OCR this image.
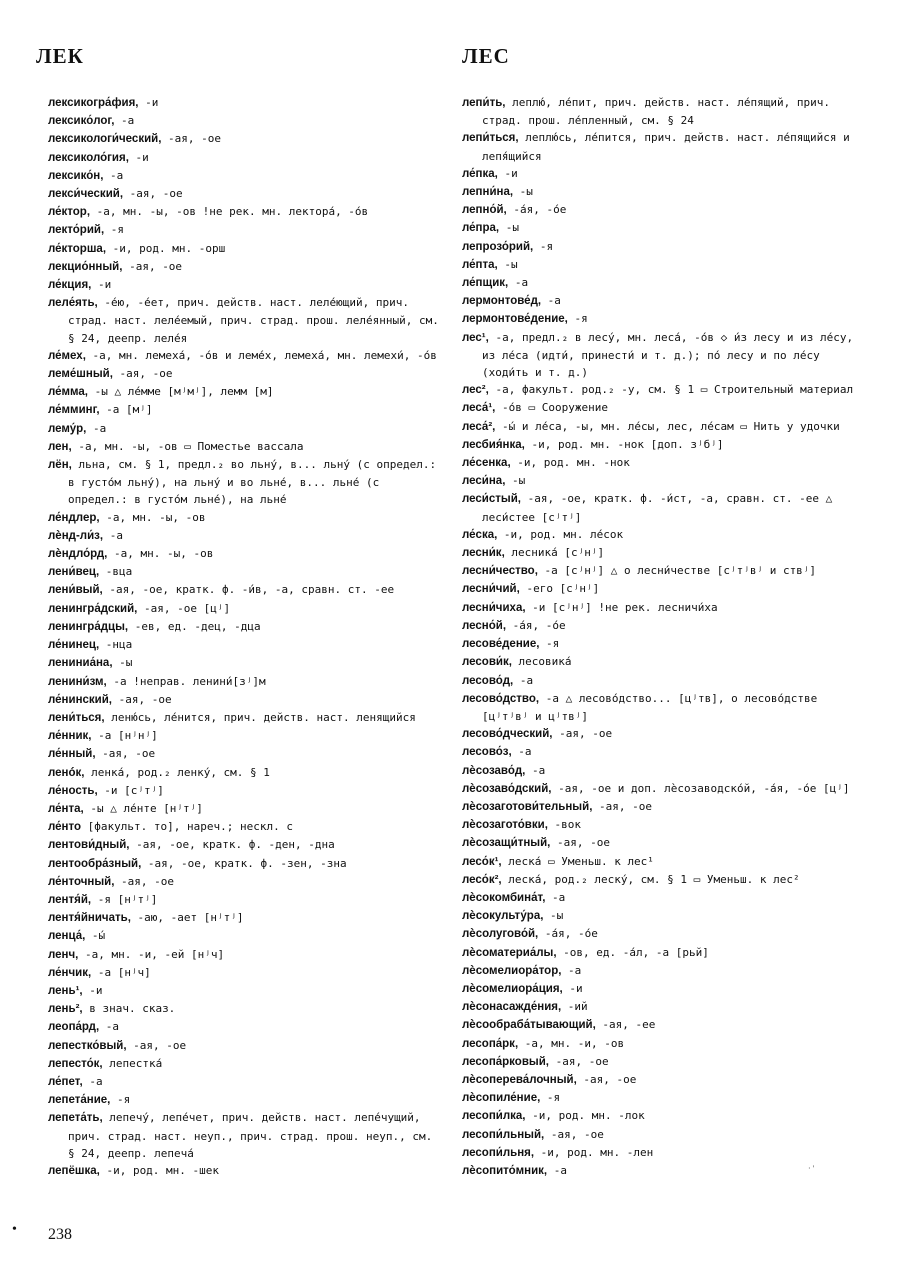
ЛЕК	ЛЕС

лексикогра́фия, -и

лексико́лог, -а

лексикологи́ческий, -ая, -ое

лексиколо́гия, -и

лексико́н, -а

лекси́ческий, -ая, -ое

ле́ктор, -а, мн. -ы, -ов !не рек. мн. лектора́, -о́в

лекто́рий, -я

ле́кторша, -и, род. мн. -орш

лекцио́нный, -ая, -ое

ле́кция, -и

леле́ять, -е́ю, -е́ет, прич. действ. наст. леле́ющий, прич. страд. наст. леле́емый, прич. страд. прош. леле́янный, см. § 24, деепр. леле́я

ле́мех, -а, мн. лемеха́, -о́в и леме́х, лемеха́, мн. лемехи́, -о́в

леме́шный, -ая, -ое

ле́мма, -ы △ ле́мме [мʲмʲ], лемм [м]

ле́мминг, -а [мʲ]

лему́р, -а

лен, -а, мн. -ы, -ов ▭ Поместье вассала

лён, льна, см. § 1, предл.₂ во льну́, в... льну́ (с определ.: в густо́м льну́), на льну́ и во льне́, в... льне́ (с определ.: в густо́м льне́), на льне́

ле́ндлер, -а, мн. -ы, -ов

лѐнд-ли́з, -а

лѐндло́рд, -а, мн. -ы, -ов

лени́вец, -вца

лени́вый, -ая, -ое, кратк. ф. -и́в, -а, сравн. ст. -ее

ленингра́дский, -ая, -ое [цʲ]

ленингра́дцы, -ев, ед. -дец, -дца

ле́нинец, -нца

лениниа́на, -ы

ленини́зм, -а !неправ. ленини́[зʲ]м

ле́нинский, -ая, -ое

лени́ться, леню́сь, ле́нится, прич. действ. наст. ленящийся

ле́нник, -а [нʲнʲ]

ле́нный, -ая, -ое

ленóк, ленка́, род.₂ ленку́, см. § 1

ле́ность, -и [сʲтʲ]

ле́нта, -ы △ ле́нте [нʲтʲ]

ле́нто [факульт. то], нареч.; нескл. с

лентови́дный, -ая, -ое, кратк. ф. -ден, -дна

лентообра́зный, -ая, -ое, кратк. ф. -зен, -зна

ле́нточный, -ая, -ое

лентя́й, -я [нʲтʲ]

лентя́йничать, -аю, -ает [нʲтʲ]

ленца́, -ы́

ленч, -а, мн. -и, -ей [нʲч]

ле́нчик, -а [нʲч]

лень¹, -и

лень², в знач. сказ.

леопа́рд, -а

лепестко́вый, -ая, -ое

лепесто́к, лепестка́

ле́пет, -а

лепета́ние, -я

лепета́ть, лепечу́, лепе́чет, прич. действ. наст. лепе́чущий, прич. страд. наст. неуп., прич. страд. прош. неуп., см. § 24, деепр. лепеча́

лепёшка, -и, род. мн. -шек

лепи́ть, леплю́, ле́пит, прич. действ. наст. ле́пящий, прич. страд. прош. ле́пленный, см. § 24

лепи́ться, леплю́сь, ле́пится, прич. действ. наст. ле́пящийся и лепя́щийся

ле́пка, -и

лепни́на, -ы

лепно́й, -а́я, -о́е

ле́пра, -ы

лепрозо́рий, -я

ле́пта, -ы

ле́пщик, -а

лермонтове́д, -а

лермонтове́дение, -я

лес¹, -а, предл.₂ в лесу́, мн. леса́, -о́в ◇ и́з лесу и из ле́су, из ле́са (идти́, принести́ и т. д.); по́ лесу и по ле́су (ходи́ть и т. д.)

лес², -а, факульт. род.₂ -у, см. § 1 ▭ Строительный материал

леса́¹, -о́в ▭ Сооружение

леса́², -ы́ и ле́са, -ы, мн. ле́сы, лес, ле́сам ▭ Нить у удочки

лесбия́нка, -и, род. мн. -нок [доп. зʲбʲ]

ле́сенка, -и, род. мн. -нок

леси́на, -ы

леси́стый, -ая, -ое, кратк. ф. -и́ст, -а, сравн. ст. -ее △ леси́стее [сʲтʲ]

ле́ска, -и, род. мн. ле́сок

лесни́к, лесника́ [сʲнʲ]

лесни́чество, -а [сʲнʲ] △ о лесни́честве [сʲтʲвʲ и ствʲ]

лесни́чий, -его [сʲнʲ]

лесни́чиха, -и [сʲнʲ] !не рек. лесничи́ха

лесно́й, -а́я, -о́е

лесове́дение, -я

лесови́к, лесовика́

лесово́д, -а

лесово́дство, -а △ лесово́дство... [цʲтв], о лесово́дстве [цʲтʲвʲ и цʲтвʲ]

лесово́дческий, -ая, -ое

лесово́з, -а

лѐсозаво́д, -а

лѐсозаво́дский, -ая, -ое и доп. лѐсозаводско́й, -а́я, -о́е [цʲ]

лѐсозаготови́тельный, -ая, -ое

лѐсозагото́вки, -вок

лѐсозащи́тный, -ая, -ое

лесо́к¹, леска́ ▭ Уменьш. к лес¹

лесо́к², леска́, род.₂ леску́, см. § 1 ▭ Уменьш. к лес²

лѐсокомбина́т, -а

лѐсокульту́ра, -ы

лѐсолугово́й, -а́я, -о́е

лѐсоматериа́лы, -ов, ед. -а́л, -а [рьй]

лѐсомелиора́тор, -а

лѐсомелиора́ция, -и

лѐсонасажде́ния, -ий

лѐсообраба́тывающий, -ая, -ее

лесопа́рк, -а, мн. -и, -ов

лесопа́рковый, -ая, -ое

лѐсоперева́лочный, -ая, -ое

лѐсопиле́ние, -я

лесопи́лка, -и, род. мн. -лок

лесопи́льный, -ая, -ое

лесопи́льня, -и, род. мн. -лен

лѐсопито́мник, -а

• 238
· '
